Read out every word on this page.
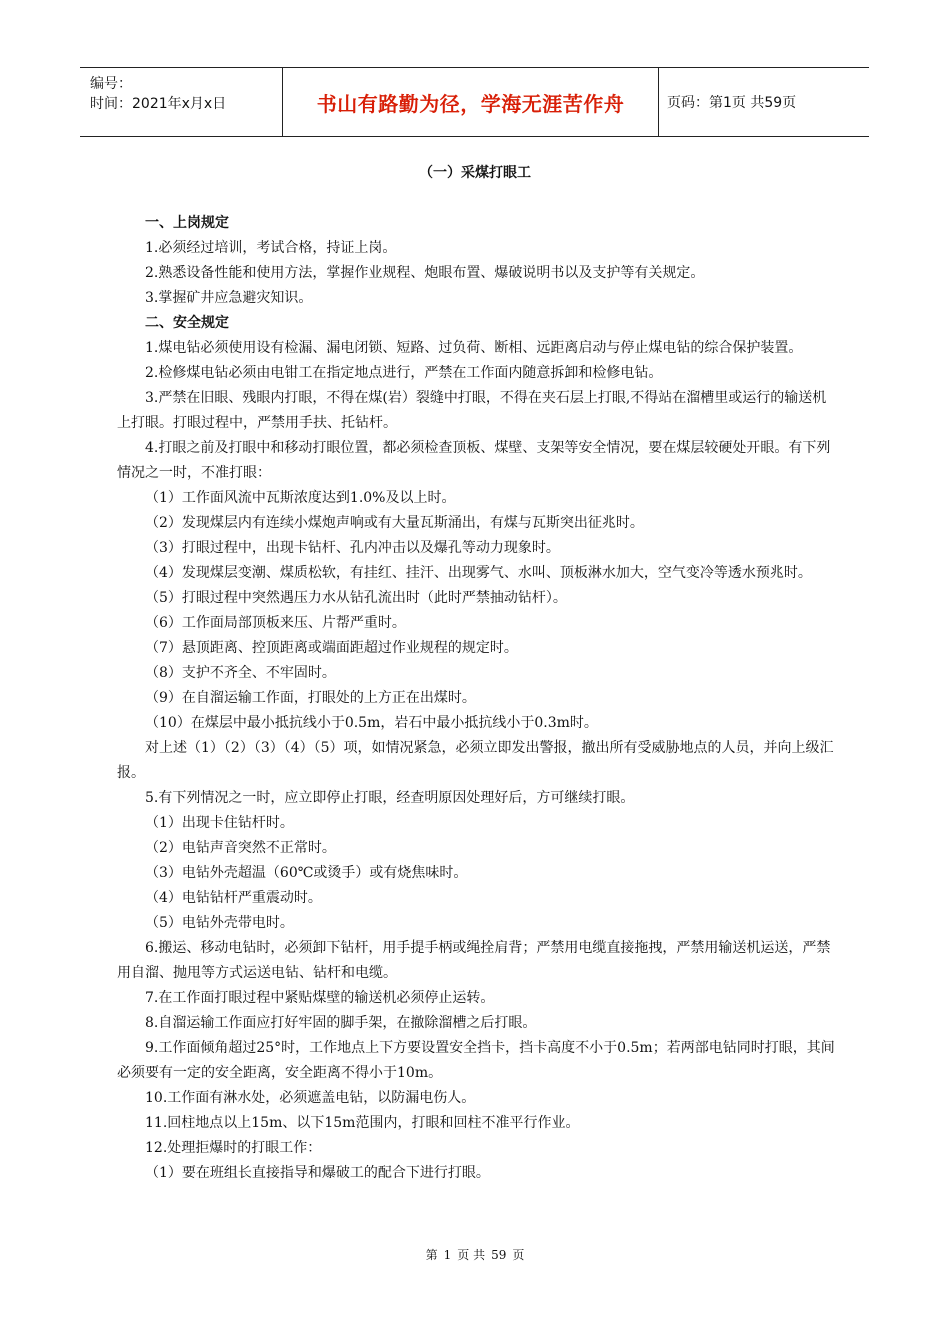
编号：
时间：2021年x月x日	书山有路勤为径，学海无涯苦作舟	页码：第1页 共59页
（一）采煤打眼工

一、上岗规定

1.必须经过培训，考试合格，持证上岗。

2.熟悉设备性能和使用方法，掌握作业规程、炮眼布置、爆破说明书以及支护等有关规定。

3.掌握矿井应急避灾知识。

二、安全规定

1.煤电钻必须使用设有检漏、漏电闭锁、短路、过负荷、断相、远距离启动与停止煤电钻的综合保护装置。

2.检修煤电钻必须由电钳工在指定地点进行，严禁在工作面内随意拆卸和检修电钻。

3.严禁在旧眼、残眼内打眼，不得在煤(岩）裂缝中打眼，不得在夹石层上打眼,不得站在溜槽里或运行的输送机上打眼。打眼过程中，严禁用手扶、托钻杆。

4.打眼之前及打眼中和移动打眼位置，都必须检查顶板、煤壁、支架等安全情况，要在煤层较硬处开眼。有下列情况之一时，不准打眼：

（1）工作面风流中瓦斯浓度达到1.0%及以上时。

（2）发现煤层内有连续小煤炮声响或有大量瓦斯涌出，有煤与瓦斯突出征兆时。

（3）打眼过程中，出现卡钻杆、孔内冲击以及爆孔等动力现象时。

（4）发现煤层变潮、煤质松软，有挂红、挂汗、出现雾气、水叫、顶板淋水加大，空气变冷等透水预兆时。

（5）打眼过程中突然遇压力水从钻孔流出时（此时严禁抽动钻杆）。

（6）工作面局部顶板来压、片帮严重时。

（7）悬顶距离、控顶距离或端面距超过作业规程的规定时。

（8）支护不齐全、不牢固时。

（9）在自溜运输工作面，打眼处的上方正在出煤时。

（10）在煤层中最小抵抗线小于0.5m，岩石中最小抵抗线小于0.3m时。

对上述（1）（2）（3）（4）（5）项，如情况紧急，必须立即发出警报，撤出所有受威胁地点的人员，并向上级汇报。

5.有下列情况之一时，应立即停止打眼，经查明原因处理好后，方可继续打眼。

（1）出现卡住钻杆时。

（2）电钻声音突然不正常时。

（3）电钻外壳超温（60℃或烫手）或有烧焦味时。

（4）电钻钻杆严重震动时。

（5）电钻外壳带电时。

6.搬运、移动电钻时，必须卸下钻杆，用手提手柄或绳拴肩背；严禁用电缆直接拖拽，严禁用输送机运送，严禁用自溜、抛甩等方式运送电钻、钻杆和电缆。

7.在工作面打眼过程中紧贴煤壁的输送机必须停止运转。

8.自溜运输工作面应打好牢固的脚手架，在撤除溜槽之后打眼。

9.工作面倾角超过25°时，工作地点上下方要设置安全挡卡，挡卡高度不小于0.5m；若两部电钻同时打眼，其间必须要有一定的安全距离，安全距离不得小于10m。

10.工作面有淋水处，必须遮盖电钻，以防漏电伤人。

11.回柱地点以上15m、以下15m范围内，打眼和回柱不准平行作业。

12.处理拒爆时的打眼工作：

（1）要在班组长直接指导和爆破工的配合下进行打眼。

第 1 页 共 59 页
